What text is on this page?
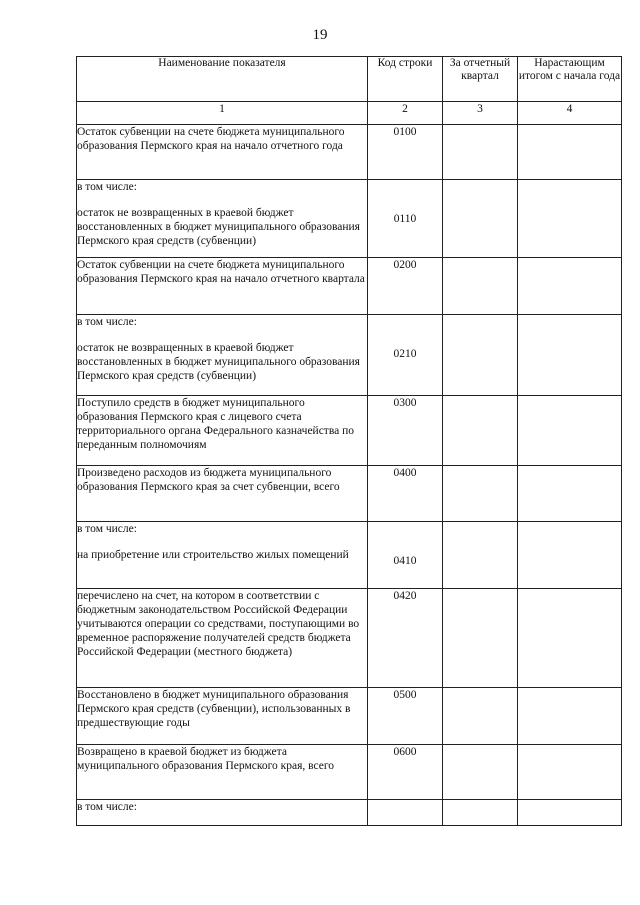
19
Наименование показателя	Код строки	За отчетный квартал	Нарастающим итогом с начала года
1	2	3	4
Остаток субвенции на счете бюджета муниципального образования Пермского края на начало отчетного года	0100		

в том числе:
остаток не возвращенных в краевой бюджет восстановленных в бюджет муниципального образования Пермского края средств (субвенции)	0110		
Остаток субвенции на счете бюджета муниципального образования Пермского края на начало отчетного квартала	0200		

в том числе:
остаток не возвращенных в краевой бюджет восстановленных в бюджет муниципального образования Пермского края средств (субвенции)	0210		
Поступило средств в бюджет муниципального образования Пермского края с лицевого счета территориального органа Федерального казначейства по переданным полномочиям	0300		
Произведено расходов из бюджета муниципального образования Пермского края за счет субвенции, всего	0400		

в том числе:
на приобретение или строительство жилых помещений	0410		
перечислено на счет, на котором в соответствии с бюджетным законодательством Российской Федерации учитываются операции со средствами, поступающими во временное распоряжение получателей средств бюджета Российской Федерации (местного бюджета)	0420		
Восстановлено в бюджет муниципального образования Пермского края средств (субвенции), использованных в предшествующие годы	0500		
Возвращено в краевой бюджет из бюджета муниципального образования Пермского края, всего	0600		
в том числе:			
